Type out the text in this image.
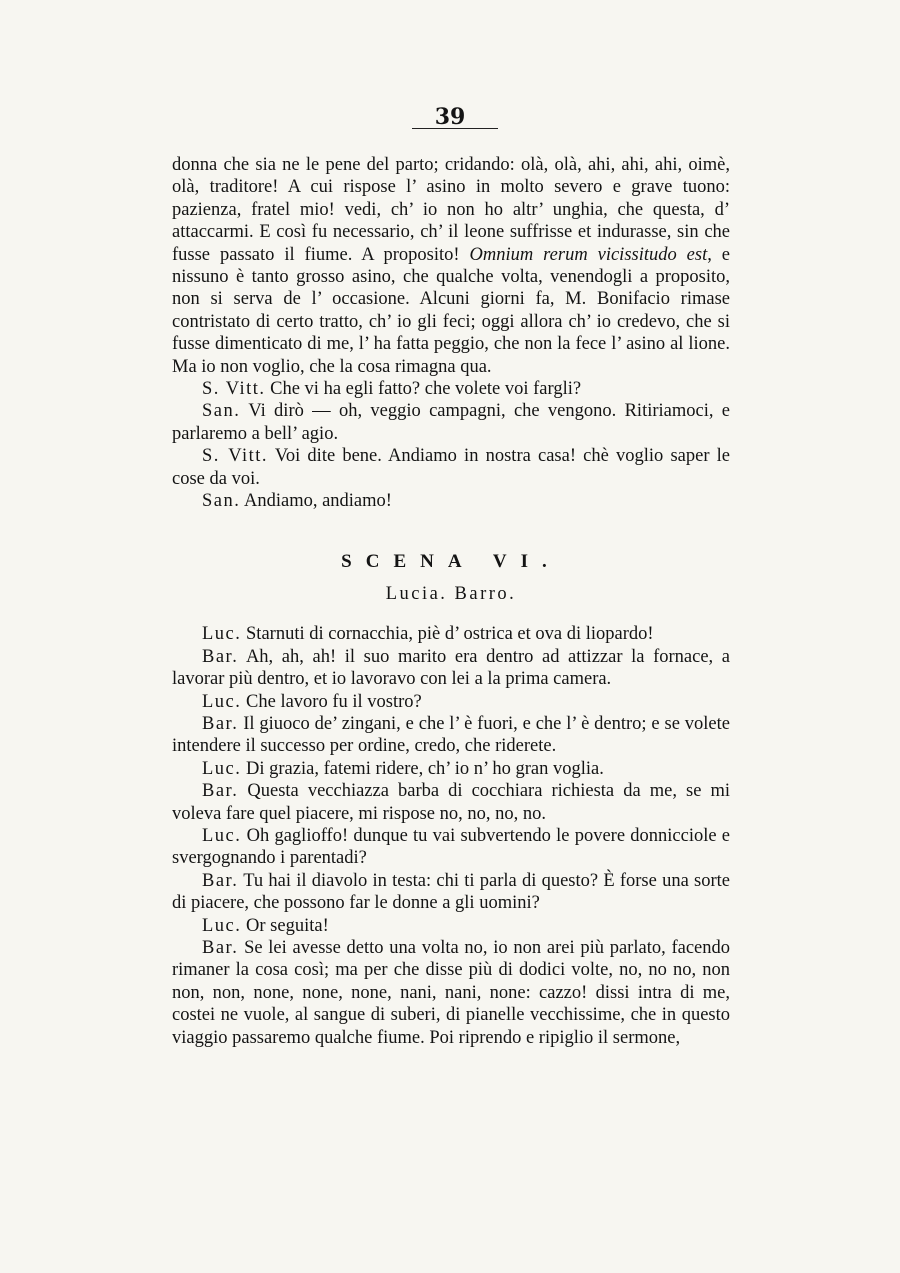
39

donna che sia ne le pene del parto; cridando: olà, olà, ahi, ahi, ahi, oimè, olà, traditore! A cui rispose l’ asino in molto severo e grave tuono: pazienza, fratel mio! vedi, ch’ io non ho altr’ unghia, che questa, d’ attaccarmi. E così fu necessario, ch’ il leone suffrisse et indurasse, sin che fusse passato il fiume. A proposito! Omnium rerum vicissitudo est, e nissuno è tanto grosso asino, che qualche volta, venendogli a proposito, non si serva de l’ occasione. Alcuni giorni fa, M. Bonifacio rimase contristato di certo tratto, ch’ io gli feci; oggi allora ch’ io credevo, che si fusse dimenticato di me, l’ ha fatta peggio, che non la fece l’ asino al lione. Ma io non voglio, che la cosa rimagna qua.

S. Vitt. Che vi ha egli fatto? che volete voi fargli?

San. Vi dirò — oh, veggio campagni, che vengono. Ritiriamoci, e parlaremo a bell’ agio.

S. Vitt. Voi dite bene. Andiamo in nostra casa! chè voglio saper le cose da voi.

San. Andiamo, andiamo!

SCENA VI.
Lucia. Barro.

Luc. Starnuti di cornacchia, piè d’ ostrica et ova di liopardo!

Bar. Ah, ah, ah! il suo marito era dentro ad attizzar la fornace, a lavorar più dentro, et io lavoravo con lei a la prima camera.

Luc. Che lavoro fu il vostro?

Bar. Il giuoco de’ zingani, e che l’ è fuori, e che l’ è dentro; e se volete intendere il successo per ordine, credo, che riderete.

Luc. Di grazia, fatemi ridere, ch’ io n’ ho gran voglia.

Bar. Questa vecchiazza barba di cocchiara richiesta da me, se mi voleva fare quel piacere, mi rispose no, no, no, no.

Luc. Oh gaglioffo! dunque tu vai subvertendo le povere donnicciole e svergognando i parentadi?

Bar. Tu hai il diavolo in testa: chi ti parla di questo? È forse una sorte di piacere, che possono far le donne a gli uomini?

Luc. Or seguita!

Bar. Se lei avesse detto una volta no, io non arei più parlato, facendo rimaner la cosa così; ma per che disse più di dodici volte, no, no no, non non, non, none, none, none, nani, nani, none: cazzo! dissi intra di me, costei ne vuole, al sangue di suberi, di pianelle vecchissime, che in questo viaggio passaremo qualche fiume. Poi riprendo e ripiglio il sermone,
